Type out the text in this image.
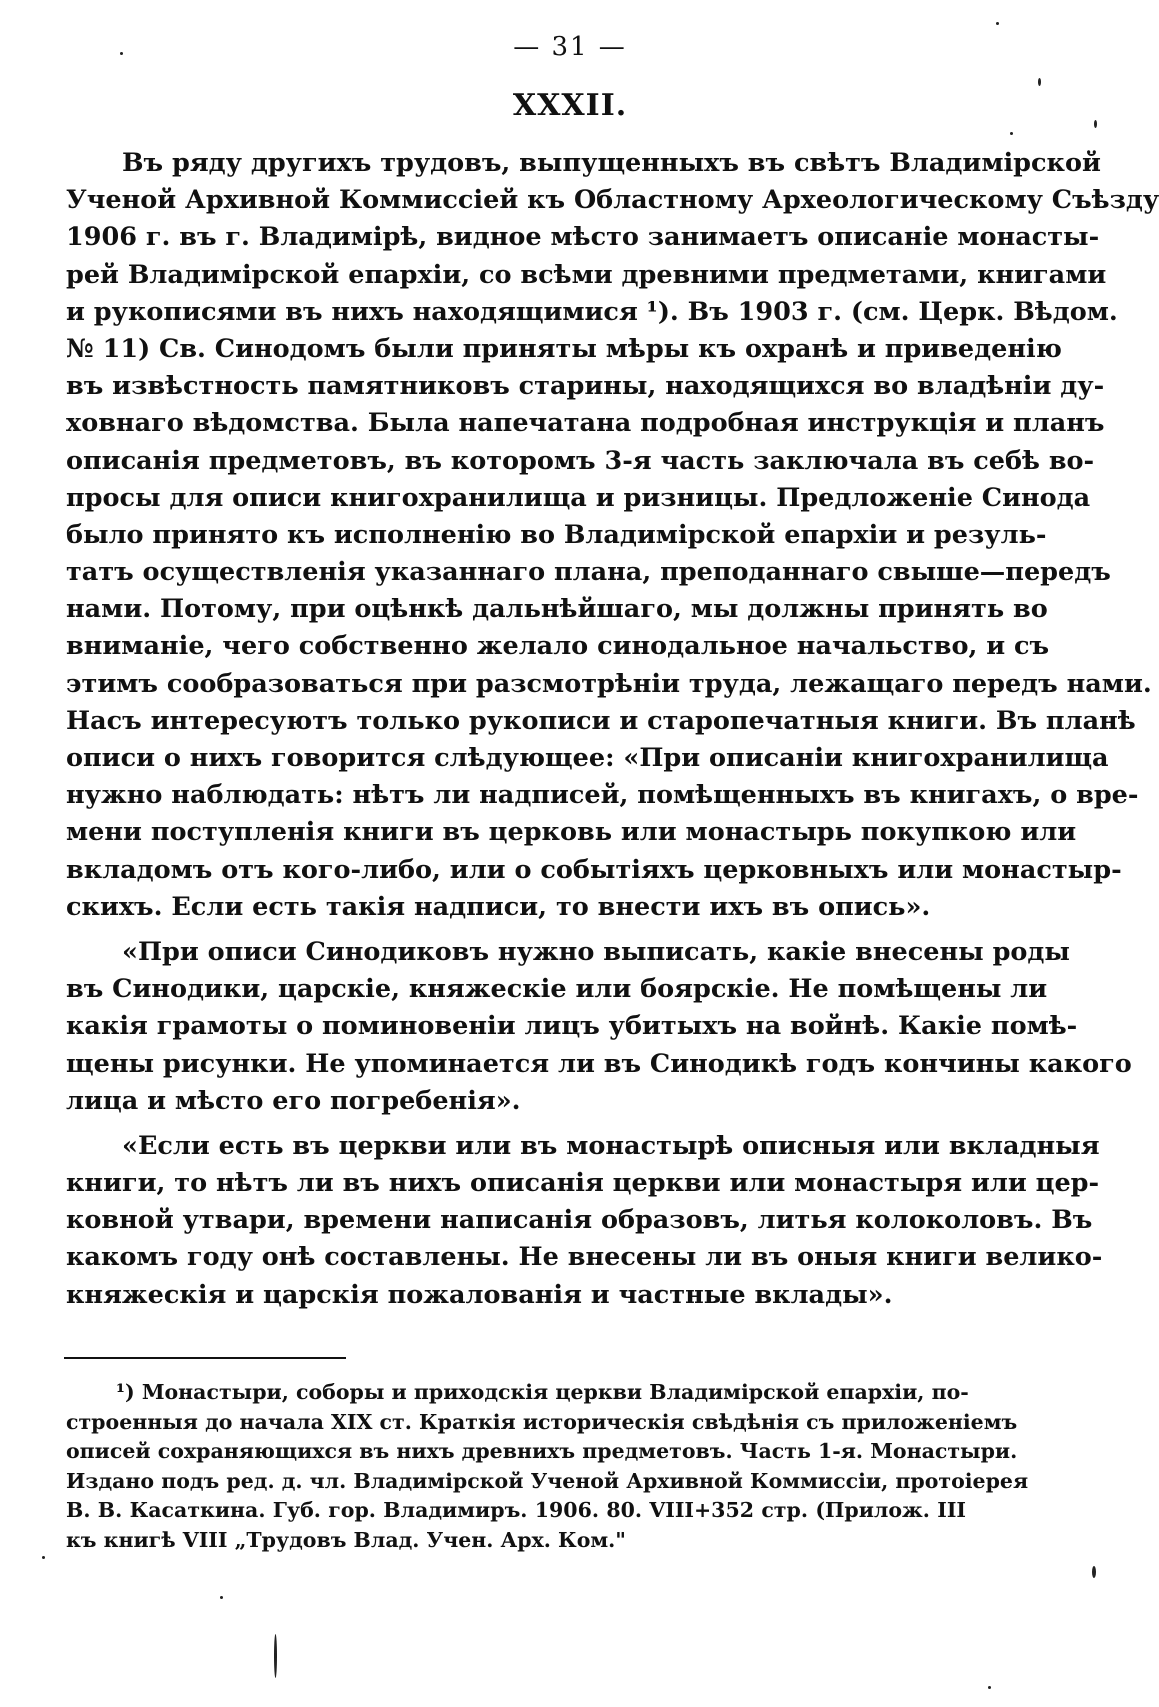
— 31 —
XXXII.
Въ ряду другихъ трудовъ, выпущенныхъ въ свѣтъ Владимірской
Ученой Архивной Коммиссіей къ Областному Археологическому Съѣзду
1906 г. въ г. Владимірѣ, видное мѣсто занимаетъ описаніе монасты-
рей Владимірской епархіи, со всѣми древними предметами, книгами
и рукописями въ нихъ находящимися ¹). Въ 1903 г. (см. Церк. Вѣдом.
№ 11) Св. Синодомъ были приняты мѣры къ охранѣ и приведенію
въ извѣстность памятниковъ старины, находящихся во владѣніи ду-
ховнаго вѣдомства. Была напечатана подробная инструкція и планъ
описанія предметовъ, въ которомъ 3-я часть заключала въ себѣ во-
просы для описи книгохранилища и ризницы. Предложеніе Синода
было принято къ исполненію во Владимірской епархіи и резуль-
татъ осуществленія указаннаго плана, преподаннаго свыше—передъ
нами. Потому, при оцѣнкѣ дальнѣйшаго, мы должны принять во
вниманіе, чего собственно желало синодальное начальство, и съ
этимъ сообразоваться при разсмотрѣніи труда, лежащаго передъ нами.
Насъ интересуютъ только рукописи и старопечатныя книги. Въ планѣ
описи о нихъ говорится слѣдующее: «При описаніи книгохранилища
нужно наблюдать: нѣтъ ли надписей, помѣщенныхъ въ книгахъ, о вре-
мени поступленія книги въ церковь или монастырь покупкою или
вкладомъ отъ кого-либо, или о событіяхъ церковныхъ или монастыр-
скихъ. Если есть такія надписи, то внести ихъ въ опись».
«При описи Синодиковъ нужно выписать, какіе внесены роды
въ Синодики, царскіе, княжескіе или боярскіе. Не помѣщены ли
какія грамоты о поминовеніи лицъ убитыхъ на войнѣ. Какіе помѣ-
щены рисунки. Не упоминается ли въ Синодикѣ годъ кончины какого
лица и мѣсто его погребенія».
«Если есть въ церкви или въ монастырѣ описныя или вкладныя
книги, то нѣтъ ли въ нихъ описанія церкви или монастыря или цер-
ковной утвари, времени написанія образовъ, литья колоколовъ. Въ
какомъ году онѣ составлены. Не внесены ли въ оныя книги велико-
княжескія и царскія пожалованія и частные вклады».
¹) Монастыри, соборы и приходскія церкви Владимірской епархіи, по-
строенныя до начала XIX ст. Краткія историческія свѣдѣнія съ приложеніемъ
описей сохраняющихся въ нихъ древнихъ предметовъ. Часть 1-я. Монастыри.
Издано подъ ред. д. чл. Владимірской Ученой Архивной Коммиссіи, протоіерея
В. В. Касаткина. Губ. гор. Владимиръ. 1906. 80. VIII+352 стр. (Прилож. III
къ книгѣ VIII „Трудовъ Влад. Учен. Арх. Ком."
